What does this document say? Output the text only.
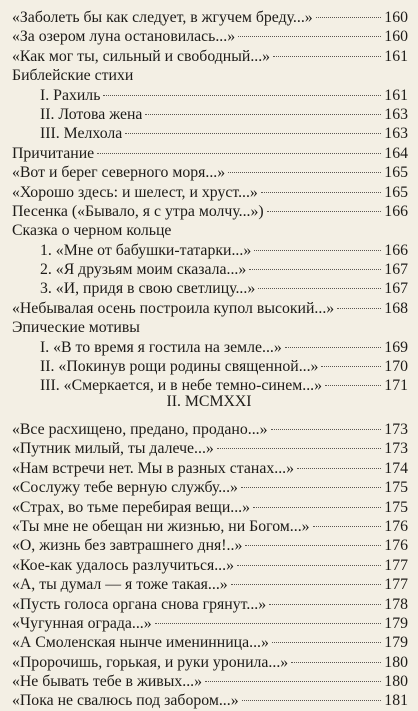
«Заболеть бы как следует, в жгучем бреду...»	160
«За озером луна остановилась...»	160
«Как мог ты, сильный и свободный...»	161
Библейские стихи
I. Рахиль	161
II. Лотова жена	163
III. Мелхола	163
Причитание	164
«Вот и берег северного моря...»	165
«Хорошо здесь: и шелест, и хруст...»	165
Песенка («Бывало, я с утра молчу...»)	166
Сказка о черном кольце
1. «Мне от бабушки-татарки...»	166
2. «Я друзьям моим сказала...»	167
3. «И, придя в свою светлицу...»	167
«Небывалая осень построила купол высокий...»	168
Эпические мотивы
I. «В то время я гостила на земле...»	169
II. «Покинув рощи родины священной...»	170
III. «Смеркается, и в небе темно-синем...»	171
II. MCMXXI
«Все расхищено, предано, продано...»	173
«Путник милый, ты далече...»	173
«Нам встречи нет. Мы в разных станах...»	174
«Сослужу тебе верную службу...»	175
«Страх, во тьме перебирая вещи...»	175
«Ты мне не обещан ни жизнью, ни Богом...»	176
«О, жизнь без завтрашнего дня!..»	176
«Кое-как удалось разлучиться...»	177
«А, ты думал — я тоже такая...»	177
«Пусть голоса органа снова грянут...»	178
«Чугунная ограда...»	179
«А Смоленская нынче именинница...»	179
«Пророчишь, горькая, и руки уронила...»	180
«Не бывать тебе в живых...»	180
«Пока не свалюсь под забором...»	181
